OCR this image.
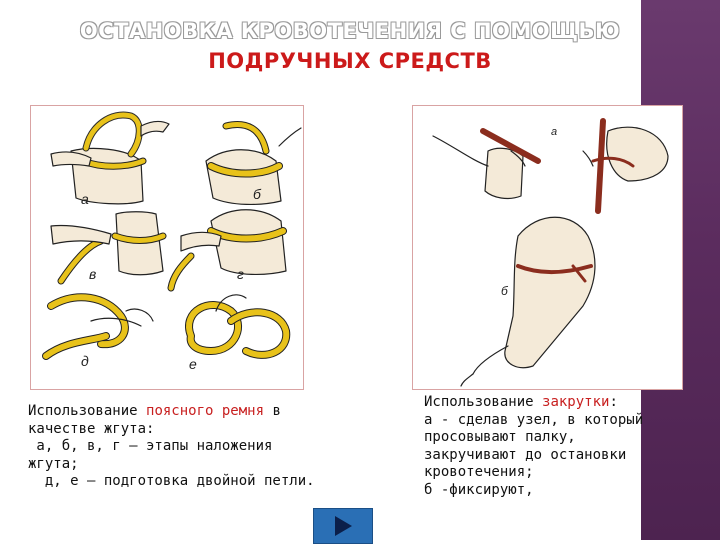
ОСТАНОВКА КРОВОТЕЧЕНИЯ С ПОМОЩЬЮ
ПОДРУЧНЫХ СРЕДСТВ
а	б
в	г
д	е
а
б
Использование поясного ремня в
качестве жгута:
а, б, в, г – этапы наложения
жгута;
д, е – подготовка двойной петли.
Использование закрутки:
а - сделав узел, в который
просовывают палку,
закручивают до остановки
кровотечения;
б -фиксируют,
